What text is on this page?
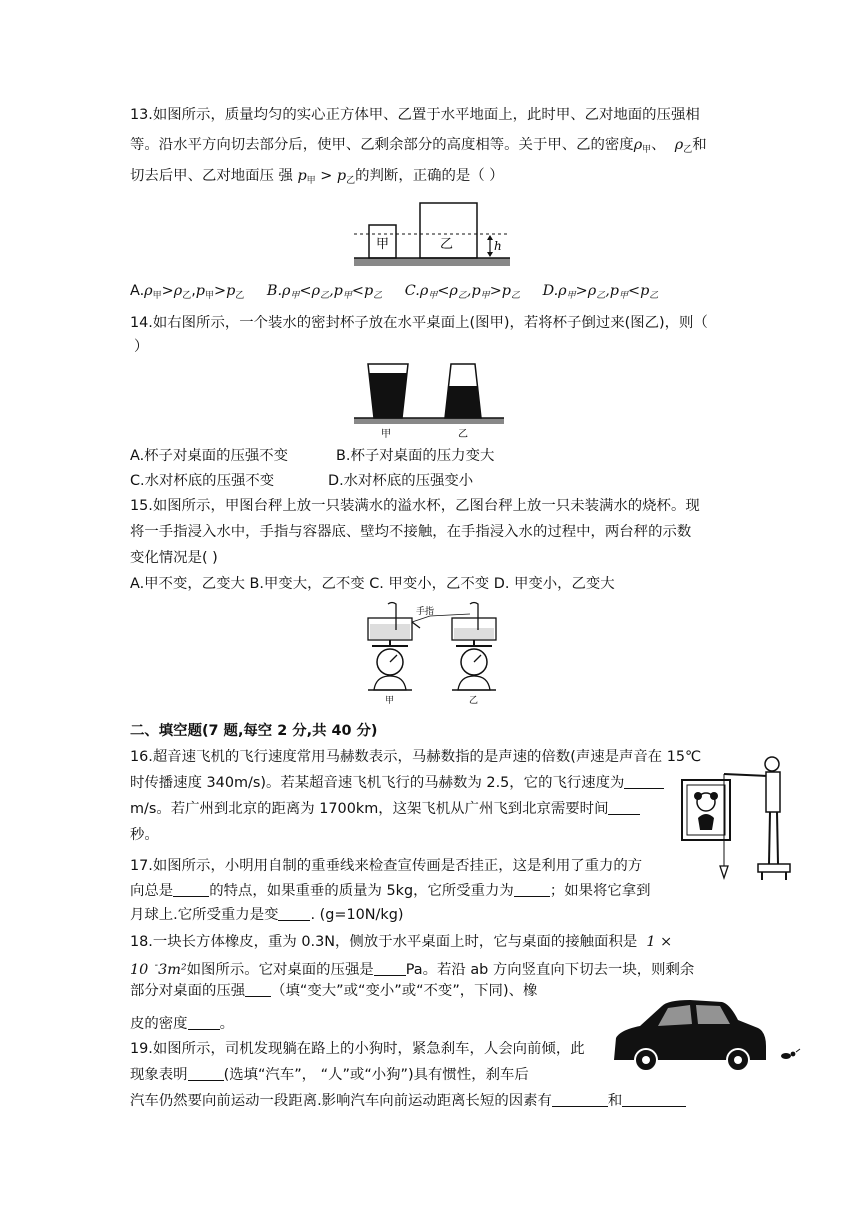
13.如图所示，质量均匀的实心正方体甲、乙置于水平地面上，此时甲、乙对地面的压强相
等。沿水平方向切去部分后，使甲、乙剩余部分的高度相等。关于甲、乙的密度$\rho_甲$、 $\rho_乙$和
切去后甲、乙对地面压 强 $p_甲 > p_乙$的判断，正确的是（ ）
甲	乙	h
$A.\rho_甲>\rho_乙,p_甲>p_乙$ $B.\rho_甲<\rho_乙,p_甲<p_乙$ $C.\rho_甲<\rho_乙,p_甲>p_乙$ $D.\rho_甲>\rho_乙,p_甲<p_乙$
14.如右图所示，一个装水的密封杯子放在水平桌面上(图甲)，若将杯子倒过来(图乙)，则（
）
甲	乙
A.杯子对桌面的压强不变	B.杯子对桌面的压力变大
C.水对杯底的压强不变	D.水对杯底的压强变小
15.如图所示，甲图台秤上放一只装满水的溢水杯，乙图台秤上放一只未装满水的烧杯。现
将一手指浸入水中，手指与容器底、壁均不接触，在手指浸入水的过程中，两台秤的示数
变化情况是( )
A.甲不变，乙变大 B.甲变大，乙不变 C. 甲变小，乙不变 D. 甲变小，乙变大
甲	乙
手指
二、填空题(7 题,每空 2 分,共 40 分)
16.超音速飞机的飞行速度常用马赫数表示，马赫数指的是声速的倍数(声速是声音在 15℃
时传播速度 340m/s)。若某超音速飞机飞行的马赫数为 2.5，它的飞行速度为
m/s。若广州到北京的距离为 1700km，这架飞机从广州飞到北京需要时间
秒。
17.如图所示，小明用自制的重垂线来检查宣传画是否挂正，这是利用了重力的方
向总是	的特点，如果重垂的质量为 5kg，它所受重力为	；如果将它拿到
月球上.它所受重力是变 . (g=10N/kg)
18.一块长方体橡皮，重为 0.3N，侧放于水平桌面上时，它与桌面的接触面积是 1 ×
10  -3m²如图所示。它对桌面的压强是 Pa。若沿 ab 方向竖直向下切去一块，则剩余
部分对桌面的压强 （填“变大”或“变小”或“不变”，下同)、橡
皮的密度 。
19.如图所示，司机发现躺在路上的小狗时，紧急刹车，人会向前倾，此
现象表明	(选填“汽车”， “人”或“小狗”)具有惯性，刹车后
汽车仍然要向前运动一段距离.影响汽车向前运动距离长短的因素有	和
